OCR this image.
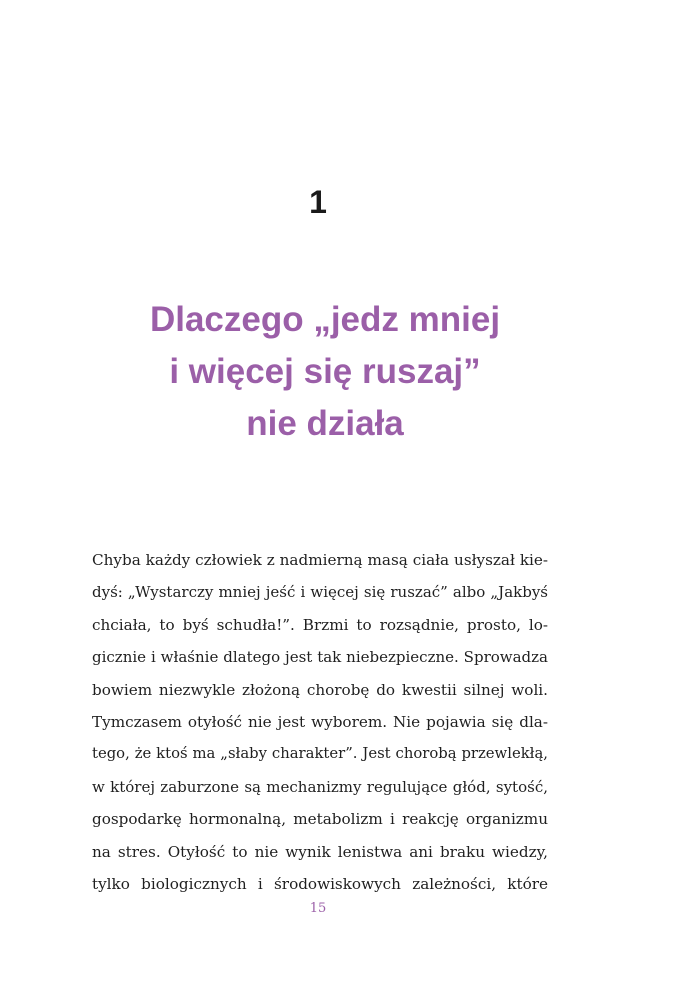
1
Dlaczego „jedz mniej
i więcej się ruszaj”
nie działa

Chyba każdy człowiek z nadmierną masą ciała usłyszał kie-
dyś: „Wystarczy mniej jeść i więcej się ruszać” albo „Jakbyś
chciała, to byś schudła!”. Brzmi to rozsądnie, prosto, lo-
gicznie i właśnie dlatego jest tak niebezpieczne. Sprowadza
bowiem niezwykle złożoną chorobę do kwestii silnej woli.
Tymczasem otyłość nie jest wyborem. Nie pojawia się dla-
tego, że ktoś ma „słaby charakter”. Jest chorobą przewlekłą,
w której zaburzone są mechanizmy regulujące głód, sytość,
gospodarkę hormonalną, metabolizm i reakcję organizmu
na stres. Otyłość to nie wynik lenistwa ani braku wiedzy,
tylko biologicznych i środowiskowych zależności, które

15
